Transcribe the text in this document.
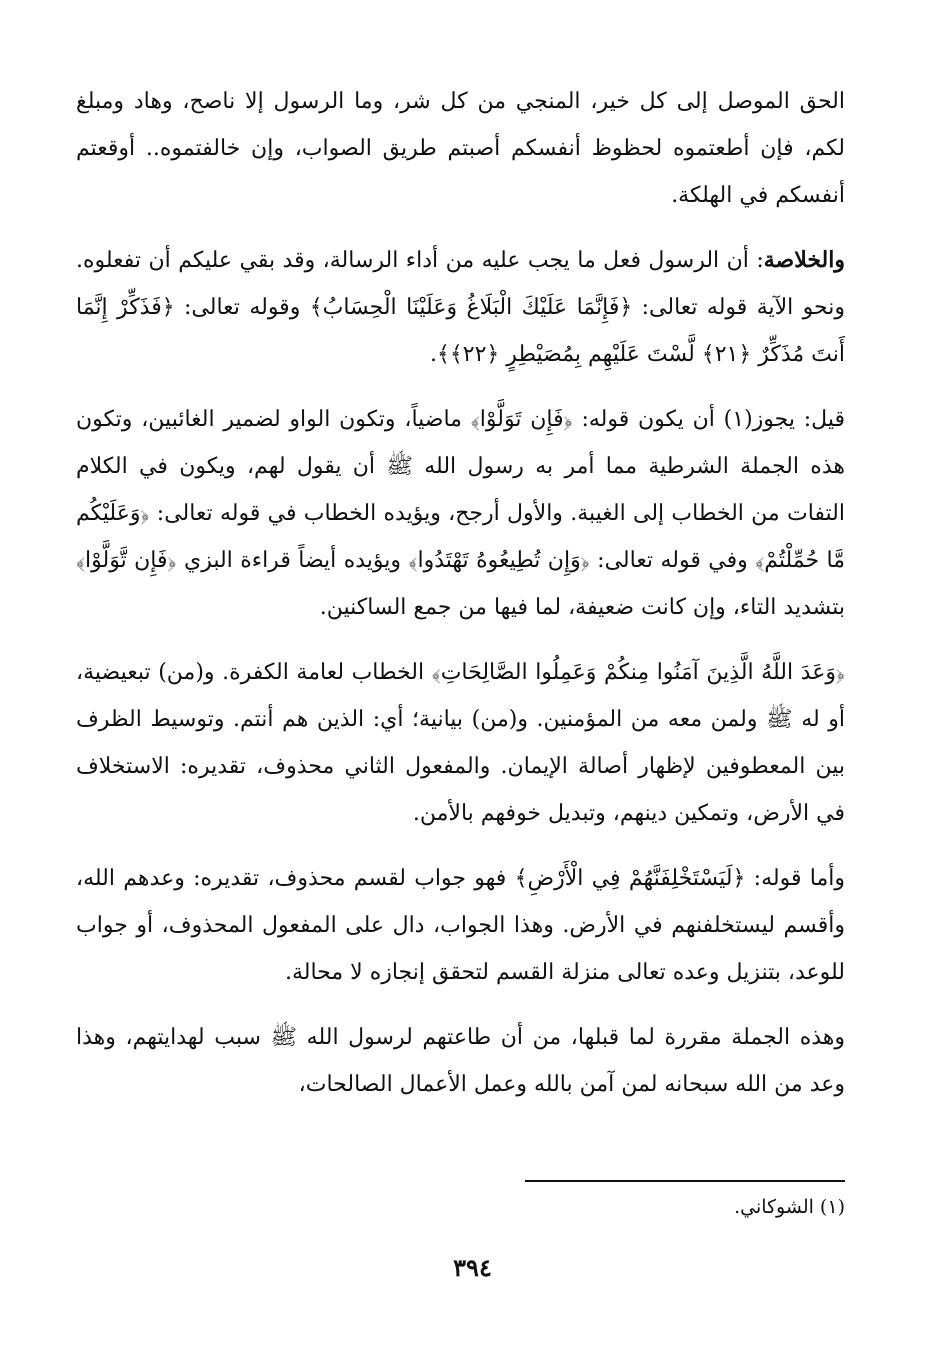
الحق الموصل إلى كل خير، المنجي من كل شر، وما الرسول إلا ناصح، وهاد ومبلغ لكم، فإن أطعتموه لحظوظ أنفسكم أصبتم طريق الصواب، وإن خالفتموه.. أوقعتم أنفسكم في الهلكة.

والخلاصة: أن الرسول فعل ما يجب عليه من أداء الرسالة، وقد بقي عليكم أن تفعلوه. ونحو الآية قوله تعالى: ﴿فَإِنَّمَا عَلَيْكَ الْبَلَاغُ وَعَلَيْنَا الْحِسَابُ﴾ وقوله تعالى: ﴿فَذَكِّرْ إِنَّمَا أَنتَ مُذَكِّرٌ ﴿٢١﴾ لَّسْتَ عَلَيْهِم بِمُصَيْطِرٍ ﴿٢٢﴾﴾.

قيل: يجوز(١) أن يكون قوله: ﴿فَإِن تَوَلَّوْا﴾ ماضياً، وتكون الواو لضمير الغائبين، وتكون هذه الجملة الشرطية مما أمر به رسول الله ﷺ أن يقول لهم، ويكون في الكلام التفات من الخطاب إلى الغيبة. والأول أرجح، ويؤيده الخطاب في قوله تعالى: ﴿وَعَلَيْكُم مَّا حُمِّلْتُمْ﴾ وفي قوله تعالى: ﴿وَإِن تُطِيعُوهُ تَهْتَدُوا﴾ ويؤيده أيضاً قراءة البزي ﴿فَإِن تَّوَلَّوْا﴾ بتشديد التاء، وإن كانت ضعيفة، لما فيها من جمع الساكنين.

﴿وَعَدَ اللَّهُ الَّذِينَ آمَنُوا مِنكُمْ وَعَمِلُوا الصَّالِحَاتِ﴾ الخطاب لعامة الكفرة. و(من) تبعيضية، أو له ﷺ ولمن معه من المؤمنين. و(من) بيانية؛ أي: الذين هم أنتم. وتوسيط الظرف بين المعطوفين لإظهار أصالة الإيمان. والمفعول الثاني محذوف، تقديره: الاستخلاف في الأرض، وتمكين دينهم، وتبديل خوفهم بالأمن.

وأما قوله: ﴿لَيَسْتَخْلِفَنَّهُمْ فِي الْأَرْضِ﴾ فهو جواب لقسم محذوف، تقديره: وعدهم الله، وأقسم ليستخلفنهم في الأرض. وهذا الجواب، دال على المفعول المحذوف، أو جواب للوعد، بتنزيل وعده تعالى منزلة القسم لتحقق إنجازه لا محالة.

وهذه الجملة مقررة لما قبلها، من أن طاعتهم لرسول الله ﷺ سبب لهدايتهم، وهذا وعد من الله سبحانه لمن آمن بالله وعمل الأعمال الصالحات،

(١) الشوكاني.
٣٩٤
